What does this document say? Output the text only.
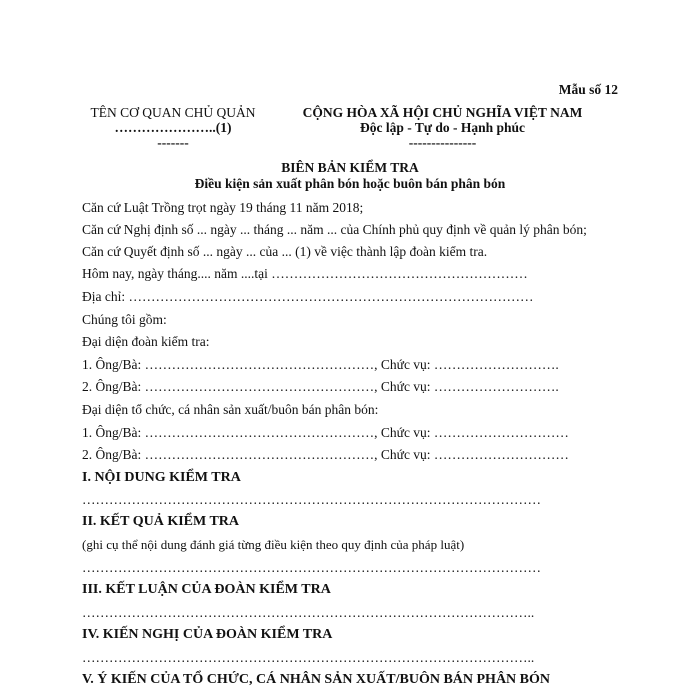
Mẫu số 12
TÊN CƠ QUAN CHỦ QUẢN
…………………..(1)
-------
CỘNG HÒA XÃ HỘI CHỦ NGHĨA VIỆT NAM
Độc lập - Tự do - Hạnh phúc
---------------
BIÊN BẢN KIỂM TRA
Điều kiện sản xuất phân bón hoặc buôn bán phân bón
Căn cứ Luật Trồng trọt ngày 19 tháng 11 năm 2018;
Căn cứ Nghị định số ... ngày ... tháng ... năm ... của Chính phủ quy định về quản lý phân bón;
Căn cứ Quyết định số ... ngày ... của ... (1) về việc thành lập đoàn kiểm tra.
Hôm nay, ngày tháng.... năm ....tại …………………………………………………
Địa chỉ: ………………………………………………………………………………
Chúng tôi gồm:
Đại diện đoàn kiểm tra:
1. Ông/Bà: ……………………………………………, Chức vụ: ……………………….
2. Ông/Bà: ……………………………………………, Chức vụ: ……………………….
Đại diện tổ chức, cá nhân sản xuất/buôn bán phân bón:
1. Ông/Bà: ……………………………………………, Chức vụ: …………………………
2. Ông/Bà: ……………………………………………, Chức vụ: …………………………
I. NỘI DUNG KIỂM TRA
…………………………………………………………………………………………
II. KẾT QUẢ KIỂM TRA
(ghi cụ thể nội dung đánh giá từng điều kiện theo quy định của pháp luật)
…………………………………………………………………………………………
III. KẾT LUẬN CỦA ĐOÀN KIỂM TRA
………………………………………………………………………………………..
IV. KIẾN NGHỊ CỦA ĐOÀN KIỂM TRA
………………………………………………………………………………………..
V. Ý KIẾN CỦA TỔ CHỨC, CÁ NHÂN SẢN XUẤT/BUÔN BÁN PHÂN BÓN
